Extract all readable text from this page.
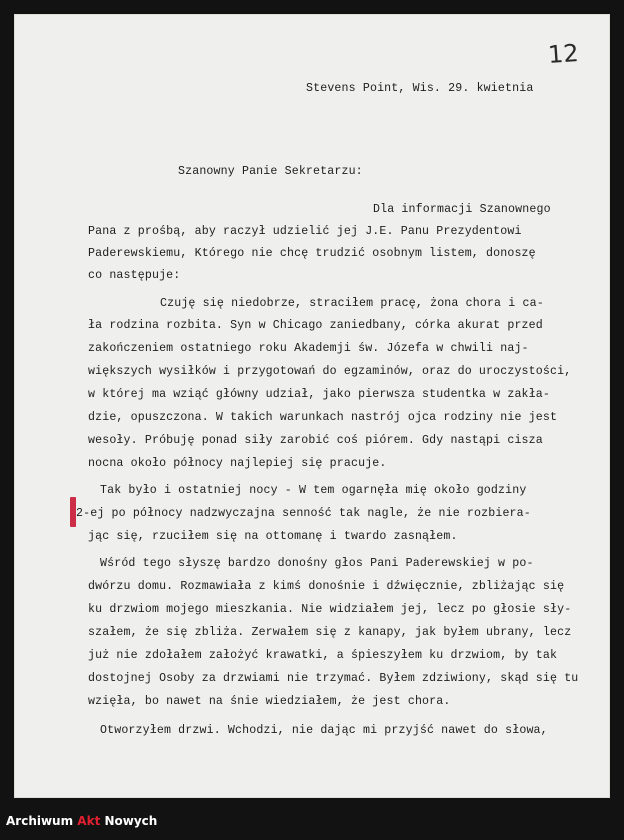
12
Stevens Point, Wis. 29. kwietnia
Szanowny Panie Sekretarzu:
Dla informacji Szanownego
Pana z prośbą, aby raczył udzielić jej J.E. Panu Prezydentowi
Paderewskiemu, Którego nie chcę trudzić osobnym listem, donoszę
co następuje:
Czuję się niedobrze, straciłem pracę, żona chora i ca-
ła rodzina rozbita. Syn w Chicago zaniedbany, córka akurat przed
zakończeniem ostatniego roku Akademji św. Józefa w chwili naj-
większych wysiłków i przygotowań do egzaminów, oraz do uroczystości,
w której ma wziąć główny udział, jako pierwsza studentka w zakła-
dzie, opuszczona. W takich warunkach nastrój ojca rodziny nie jest
wesoły. Próbuję ponad siły zarobić coś piórem. Gdy nastąpi cisza
nocna około północy najlepiej się pracuje.
Tak było i ostatniej nocy - W tem ogarnęła mię około godziny
2-ej po północy nadzwyczajna senność tak nagle, że nie rozbiera-
jąc się, rzuciłem się na ottomanę i twardo zasnąłem.
Wśród tego słyszę bardzo donośny głos Pani Paderewskiej w po-
dwórzu domu. Rozmawiała z kimś donośnie i dźwięcznie, zbliżając się
ku drzwiom mojego mieszkania. Nie widziałem jej, lecz po głosie sły-
szałem, że się zbliża. Zerwałem się z kanapy, jak byłem ubrany, lecz
już nie zdołałem założyć krawatki, a śpieszyłem ku drzwiom, by tak
dostojnej Osoby za drzwiami nie trzymać. Byłem zdziwiony, skąd się tu
wzięła, bo nawet na śnie wiedziałem, że jest chora.
Otworzyłem drzwi. Wchodzi, nie dając mi przyjść nawet do słowa,
Archiwum Akt Nowych
